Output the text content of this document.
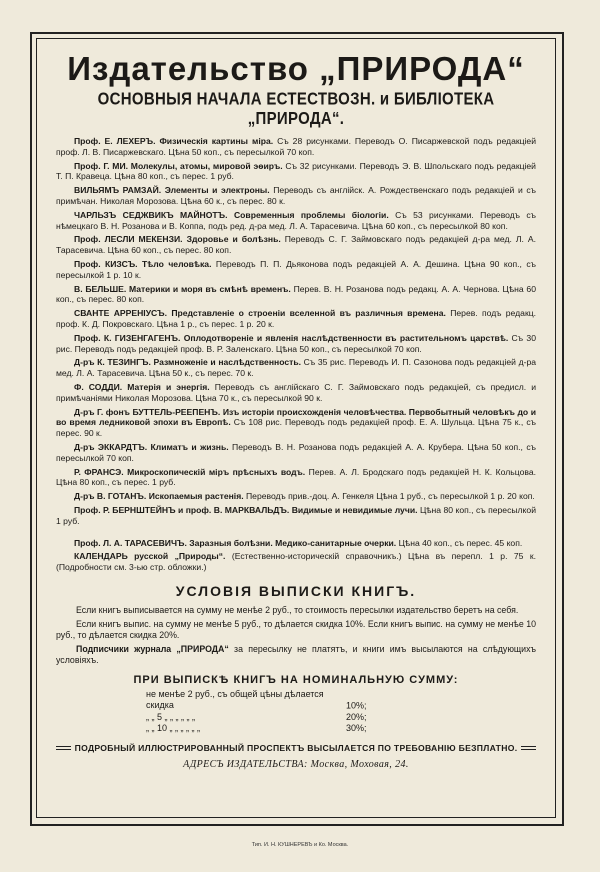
Издательство „ПРИРОДА“
ОСНОВНЫЯ НАЧАЛА ЕСТЕСТВОЗН. и БИБЛIОТЕКА „ПРИРОДА“.

Проф. Е. ЛЕХЕРЪ. Физическiя картины мiра. Съ 28 рисунками. Переводъ О. Писаржевской подъ редакцiей проф. Л. В. Писаржевскаго. Цѣна 50 коп., съ пересылкой 70 коп.

Проф. Г. МИ. Молекулы, атомы, мировой эѳиръ. Съ 32 рисунками. Переводъ Э. В. Шпольскаго подъ редакцiей Т. П. Кравеца. Цѣна 80 коп., съ перес. 1 руб.

ВИЛЬЯМЪ РАМЗАЙ. Элементы и электроны. Переводъ съ англiйск. А. Рождественскаго подъ редакцiей и съ примѣчан. Николая Морозова. Цѣна 60 к., съ перес. 80 к.

ЧАРЛЬЗЪ СЕДЖВИКЪ МАЙНОТЪ. Современныя проблемы бiологiи. Съ 53 рисунками. Переводъ съ нѣмецкаго В. Н. Розанова и В. Коппа, подъ ред. д-ра мед. Л. А. Тарасевича. Цѣна 60 коп., съ пересылкой 80 коп.

Проф. ЛЕСЛИ МЕКЕНЗИ. Здоровье и болѣзнь. Переводъ С. Г. Займовскаго подъ редакцiей д-ра мед. Л. А. Тарасевича. Цѣна 60 коп., съ перес. 80 коп.

Проф. КИЗСЪ. Тѣло человѣка. Переводъ П. П. Дьяконова подъ редакцiей А. А. Дешина. Цѣна 90 коп., съ пересылкой 1 р. 10 к.

В. БЕЛЬШЕ. Материки и моря въ смѣнѣ временъ. Перев. В. Н. Розанова подъ редакц. А. А. Чернова. Цѣна 60 коп., съ перес. 80 коп.

СВАНТЕ АРРЕНIУСЪ. Представленiе о строенiи вселенной въ различныя времена. Перев. подъ редакц. проф. К. Д. Покровскаго. Цѣна 1 р., съ перес. 1 р. 20 к.

Проф. К. ГИЗЕНГАГЕНЪ. Оплодотворенiе и явленiя наслѣдственности въ растительномъ царствѣ. Съ 30 рис. Переводъ подъ редакцiей проф. В. Р. Заленскаго. Цѣна 50 коп., съ пересылкой 70 коп.

Д-ръ К. ТЕЗИНГЪ. Размноженiе и наслѣдственность. Съ 35 рис. Переводъ И. П. Сазонова подъ редакцiей д-ра мед. Л. А. Тарасевича. Цѣна 50 к., съ перес. 70 к.

Ф. СОДДИ. Матерiя и энергiя. Переводъ съ англiйскаго С. Г. Займовскаго подъ редакцiей, съ предисл. и примѣчанiями Николая Морозова. Цѣна 70 к., съ пересылкой 90 к.

Д-ръ Г. фонъ БУТТЕЛЬ-РЕЕПЕНЪ. Изъ исторiи происхожденiя человѣчества. Первобытный человѣкъ до и во время ледниковой эпохи въ Европѣ. Съ 108 рис. Переводъ подъ редакцiей проф. Е. А. Шульца. Цѣна 75 к., съ перес. 90 к.

Д-ръ ЭККАРДТЪ. Климатъ и жизнь. Переводъ В. Н. Розанова подъ редакцiей А. А. Крубера. Цѣна 50 коп., съ пересылкой 70 коп.

Р. ФРАНСЭ. Микроскопическiй мiръ прѣсныхъ водъ. Перев. А. Л. Бродскаго подъ редакцiей Н. К. Кольцова. Цѣна 80 коп., съ перес. 1 руб.

Д-ръ В. ГОТАНЪ. Ископаемыя растенiя. Переводъ прив.-доц. А. Генкеля Цѣна 1 руб., съ пересылкой 1 р. 20 коп.

Проф. Р. БЕРНШТЕЙНЪ и проф. В. МАРКВАЛЬДЪ. Видимые и невидимые лучи. Цѣна 80 коп., съ пересылкой 1 руб.

Проф. Л. А. ТАРАСЕВИЧЪ. Заразныя болѣзни. Медико-санитарные очерки. Цѣна 40 коп., съ перес. 45 коп.

КАЛЕНДАРЬ русской „Природы“. (Естественно-историческiй справочникъ.) Цѣна въ перепл. 1 р. 75 к. (Подробности см. 3-ью стр. обложки.)

УСЛОВIЯ ВЫПИСКИ КНИГЪ.

Если книгъ выписывается на сумму не менѣе 2 руб., то стоимость пересылки издательство беретъ на себя.

Если книгъ выпис. на сумму не менѣе 5 руб., то дѣлается скидка 10%. Если книгъ выпис. на сумму не менѣе 10 руб., то дѣлается скидка 20%.

Подписчики журнала „ПРИРОДА“ за пересылку не платятъ, и книги имъ высылаются на слѣдующихъ условiяхъ.

ПРИ ВЫПИСКѢ КНИГЪ НА НОМИНАЛЬНУЮ СУММУ:
не менѣе 2 руб., съ общей цѣны дѣлается скидка	10%;
„ „ 5 „ „ „ „ „ „	20%;
„ „ 10 „ „ „ „ „ „	30%;
ПОДРОБНЫЙ ИЛЛЮСТРИРОВАННЫЙ ПРОСПЕКТЪ ВЫСЫЛАЕТСЯ ПО ТРЕБОВАНIЮ БЕЗПЛАТНО.
АДРЕСЪ ИЗДАТЕЛЬСТВА: Москва, Моховая, 24.
Тип. И. Н. КУШНЕРЕВЪ и Ко. Москва.
